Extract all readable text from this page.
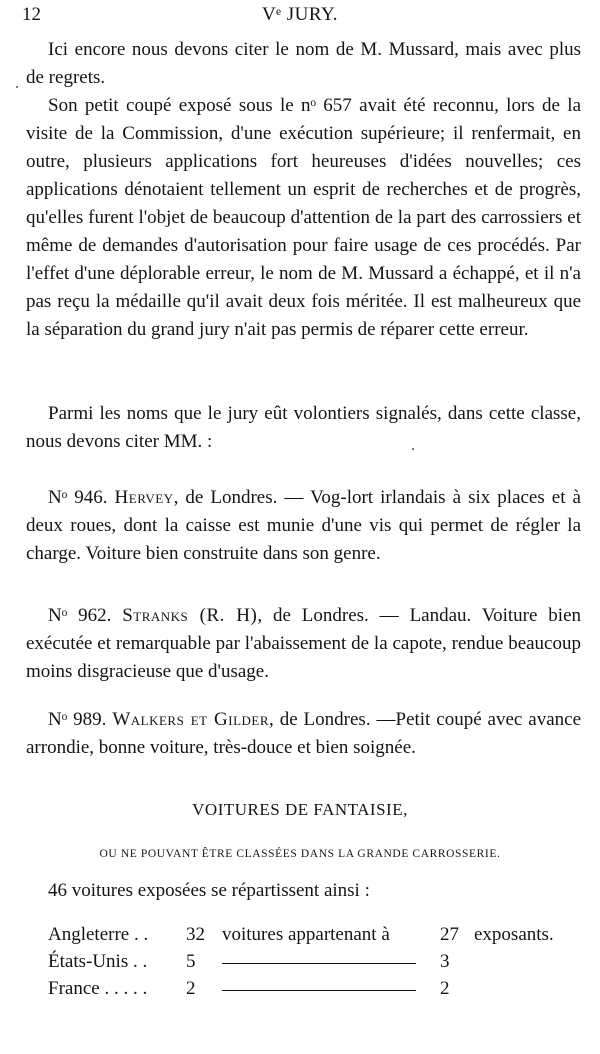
12	Vᵉ JURY.

Ici encore nous devons citer le nom de M. Mussard, mais avec plus de regrets.

Son petit coupé exposé sous le nᵒ 657 avait été reconnu, lors de la visite de la Commission, d'une exécution supérieure; il renfermait, en outre, plusieurs applications fort heureuses d'idées nouvelles; ces applications dénotaient tellement un esprit de recherches et de progrès, qu'elles furent l'objet de beaucoup d'attention de la part des carrossiers et même de demandes d'autorisation pour faire usage de ces procédés. Par l'effet d'une déplorable erreur, le nom de M. Mussard a échappé, et il n'a pas reçu la médaille qu'il avait deux fois méritée. Il est malheureux que la séparation du grand jury n'ait pas permis de réparer cette erreur.

Parmi les noms que le jury eût volontiers signalés, dans cette classe, nous devons citer MM. :

Nᵒ 946. Hervey, de Londres. — Vog-lort irlandais à six places et à deux roues, dont la caisse est munie d'une vis qui permet de régler la charge. Voiture bien construite dans son genre.

Nᵒ 962. Stranks (R. H), de Londres. — Landau. Voiture bien exécutée et remarquable par l'abaissement de la capote, rendue beaucoup moins disgracieuse que d'usage.

Nᵒ 989. Walkers et Gilder, de Londres. —Petit coupé avec avance arrondie, bonne voiture, très-douce et bien soignée.

VOITURES DE FANTAISIE,
OU NE POUVANT ÊTRE CLASSÉES DANS LA GRANDE CARROSSERIE.
46 voitures exposées se répartissent ainsi :
Angleterre . . 32 voitures appartenant à	27 exposants.
États-Unis . . 5	3
France . . . . . 2	2
